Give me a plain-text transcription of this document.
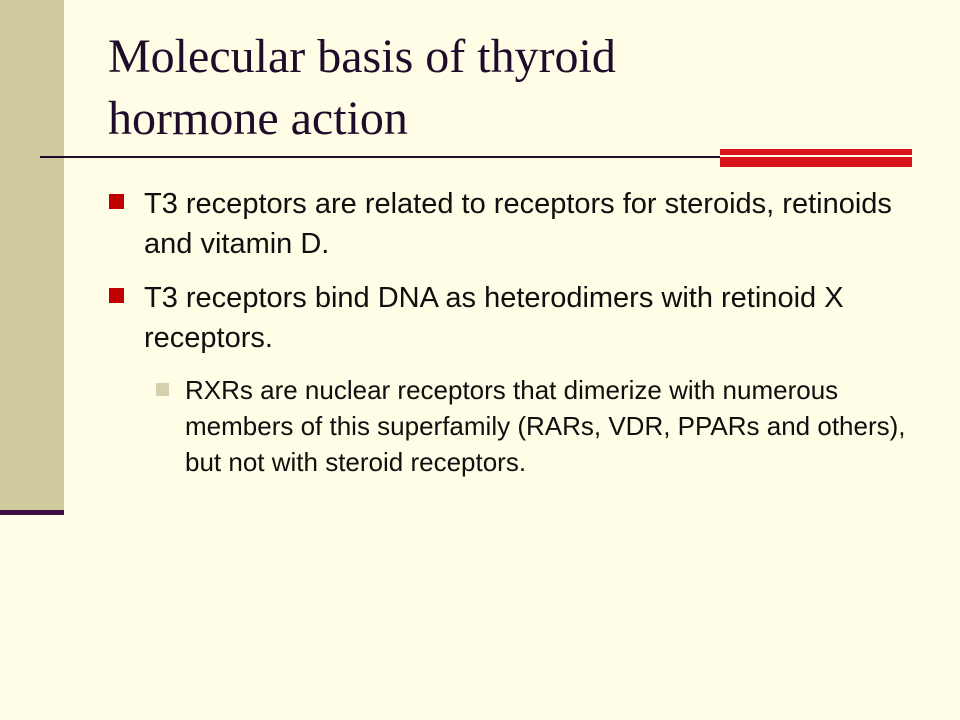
Molecular basis of thyroid
hormone action
T3 receptors are related to receptors for steroids, retinoids and vitamin D.
T3 receptors bind DNA as heterodimers with retinoid X receptors.
RXRs are nuclear receptors that dimerize with numerous members of this superfamily (RARs, VDR, PPARs and others), but not with steroid receptors.
